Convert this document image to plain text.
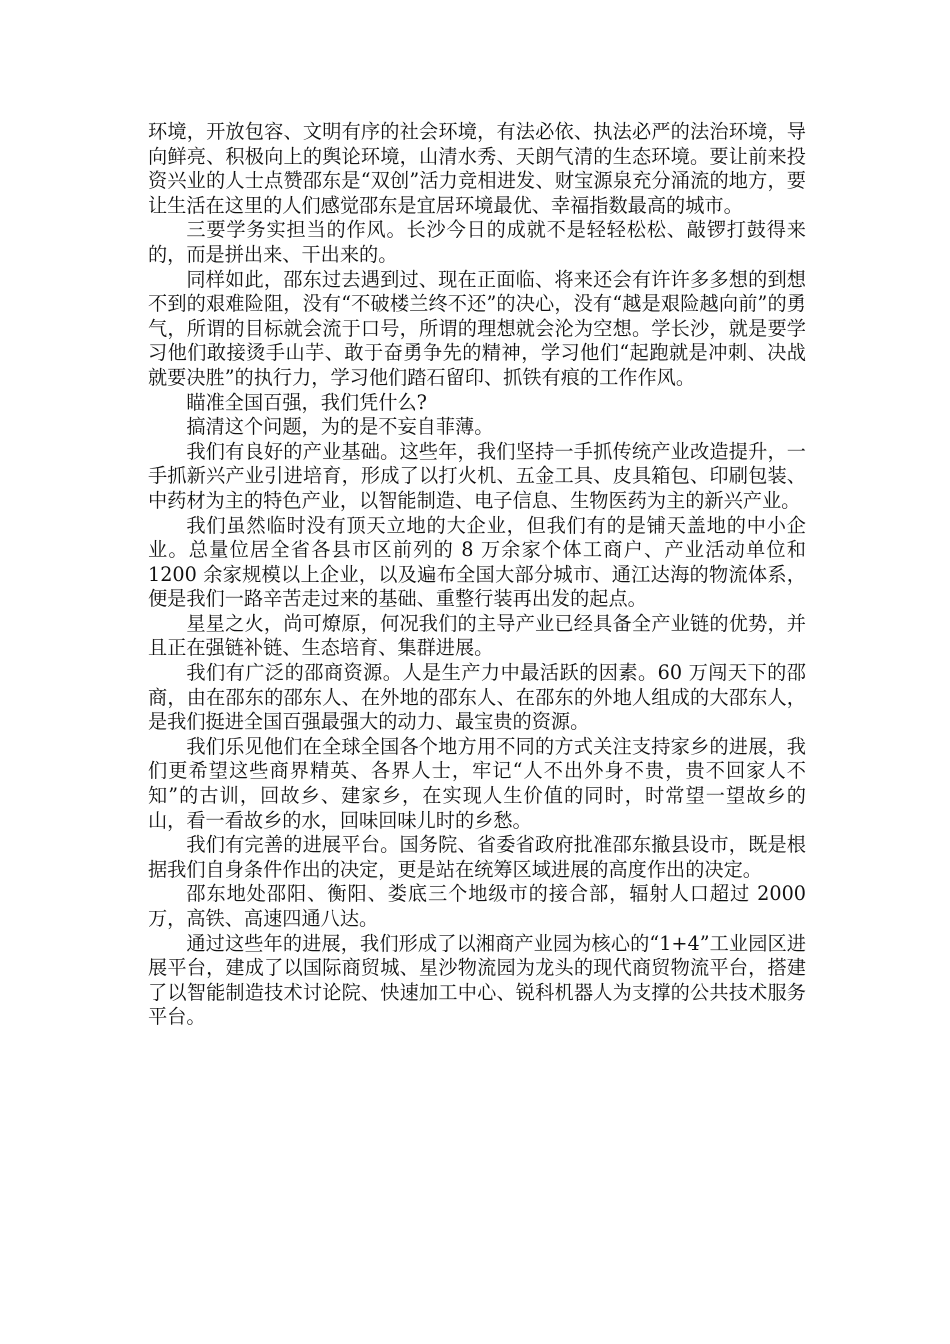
环境，开放包容、文明有序的社会环境，有法必依、执法必严的法治环境，导向鲜亮、积极向上的舆论环境，山清水秀、天朗气清的生态环境。要让前来投资兴业的人士点赞邵东是“双创”活力竞相进发、财宝源泉充分涌流的地方，要让生活在这里的人们感觉邵东是宜居环境最优、幸福指数最高的城市。

三要学务实担当的作风。长沙今日的成就不是轻轻松松、敲锣打鼓得来的，而是拼出来、干出来的。

同样如此，邵东过去遇到过、现在正面临、将来还会有许许多多想的到想不到的艰难险阻，没有“不破楼兰终不还”的决心，没有“越是艰险越向前”的勇气，所谓的目标就会流于口号，所谓的理想就会沦为空想。学长沙，就是要学习他们敢接烫手山芋、敢于奋勇争先的精神，学习他们“起跑就是冲刺、决战就要决胜”的执行力，学习他们踏石留印、抓铁有痕的工作作风。

瞄准全国百强，我们凭什么?

搞清这个问题，为的是不妄自菲薄。

我们有良好的产业基础。这些年，我们坚持一手抓传统产业改造提升，一手抓新兴产业引进培育，形成了以打火机、五金工具、皮具箱包、印刷包装、中药材为主的特色产业，以智能制造、电子信息、生物医药为主的新兴产业。

我们虽然临时没有顶天立地的大企业，但我们有的是铺天盖地的中小企业。总量位居全省各县市区前列的 8 万余家个体工商户、产业活动单位和 1200 余家规模以上企业，以及遍布全国大部分城市、通江达海的物流体系，便是我们一路辛苦走过来的基础、重整行装再出发的起点。

星星之火，尚可燎原，何况我们的主导产业已经具备全产业链的优势，并且正在强链补链、生态培育、集群进展。

我们有广泛的邵商资源。人是生产力中最活跃的因素。60 万闯天下的邵商，由在邵东的邵东人、在外地的邵东人、在邵东的外地人组成的大邵东人，是我们挺进全国百强最强大的动力、最宝贵的资源。

我们乐见他们在全球全国各个地方用不同的方式关注支持家乡的进展，我们更希望这些商界精英、各界人士，牢记“人不出外身不贵，贵不回家人不知”的古训，回故乡、建家乡，在实现人生价值的同时，时常望一望故乡的山，看一看故乡的水，回味回味儿时的乡愁。

我们有完善的进展平台。国务院、省委省政府批准邵东撤县设市，既是根据我们自身条件作出的决定，更是站在统筹区域进展的高度作出的决定。

邵东地处邵阳、衡阳、娄底三个地级市的接合部，辐射人口超过 2000 万，高铁、高速四通八达。

通过这些年的进展，我们形成了以湘商产业园为核心的“1+4”工业园区进展平台，建成了以国际商贸城、星沙物流园为龙头的现代商贸物流平台，搭建了以智能制造技术讨论院、快速加工中心、锐科机器人为支撑的公共技术服务平台。
